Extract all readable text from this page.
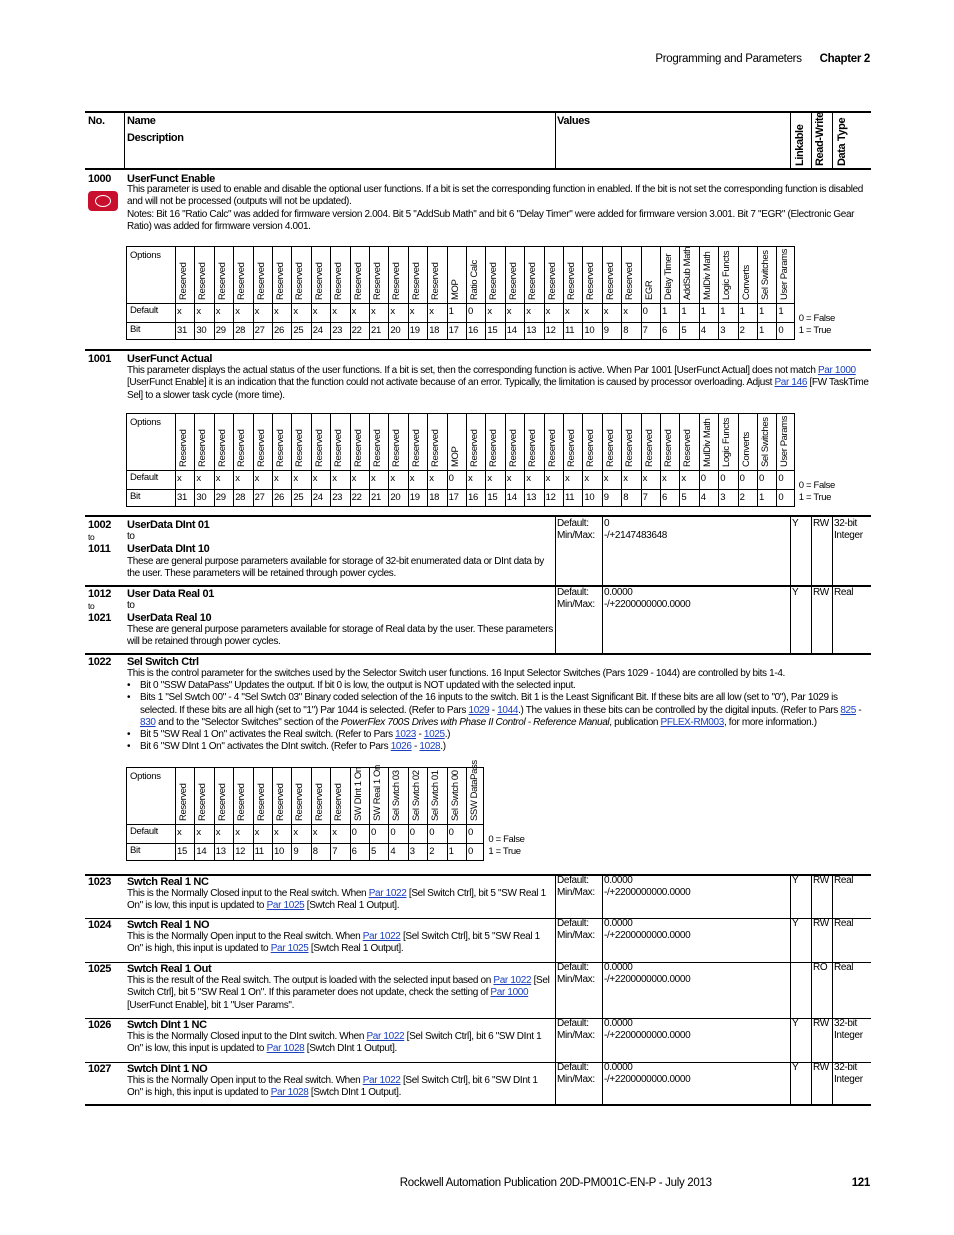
Programming and Parameters Chapter 2
No. Name
Description
Values
Linkable Read-Write Data Type
1000 UserFunct Enable
This parameter is used to enable and disable the optional user functions. If a bit is set the corresponding function in enabled. If the bit is not set the corresponding function is disabled and will not be processed (outputs will not be updated).
Notes: Bit 16 "Ratio Calc" was added for firmware version 2.004. Bit 5 "AddSub Math" and bit 6 "Delay Timer" were added for firmware version 3.001. Bit 7 "EGR" (Electronic Gear Ratio) was added for firmware version 4.001.
Options
Default
Bit
Reserved
x
31
Reserved
x
30
Reserved
x
29
Reserved
x
28
Reserved
x
27
Reserved
x
26
Reserved
x
25
Reserved
x
24
Reserved
x
23
Reserved
x
22
Reserved
x
21
Reserved
x
20
Reserved
x
19
Reserved
x
18
MOP
1
17
Ratio Calc
0
16
Reserved
x
15
Reserved
x
14
Reserved
x
13
Reserved
x
12
Reserved
x
11
Reserved
x
10
Reserved
x
9
Reserved
x
8
EGR
0
7
Delay Timer
1
6
AddSub Math
1
5
MulDiv Math
1
4
Logic Functs
1
3
Converts
1
2
Sel Switches
1
1
User Params
1
0
0 = False
1 = True
1001 UserFunct Actual
This parameter displays the actual status of the user functions. If a bit is set, then the corresponding function is active. When Par 1001 [UserFunct Actual] does not match Par 1000 [UserFunct Enable] it is an indication that the function could not activate because of an error. Typically, the limitation is caused by processor overloading. Adjust Par 146 [FW TaskTime Sel] to a slower task cycle (more time).
Options
Default
Bit
Reserved
x
31
Reserved
x
30
Reserved
x
29
Reserved
x
28
Reserved
x
27
Reserved
x
26
Reserved
x
25
Reserved
x
24
Reserved
x
23
Reserved
x
22
Reserved
x
21
Reserved
x
20
Reserved
x
19
Reserved
x
18
MOP
0
17
Reserved
x
16
Reserved
x
15
Reserved
x
14
Reserved
x
13
Reserved
x
12
Reserved
x
11
Reserved
x
10
Reserved
x
9
Reserved
x
8
Reserved
x
7
Reserved
x
6
Reserved
x
5
MulDiv Math
0
4
Logic Functs
0
3
Converts
0
2
Sel Switches
0
1
User Params
0
0
0 = False
1 = True
1002
to
1011
UserData DInt 01
to
UserData DInt 10
These are general purpose parameters available for storage of 32-bit enumerated data or DInt data by the user. These parameters will be retained through power cycles.
Default:
Min/Max:
0
-/+2147483648
Y RW 32-bit
Integer
1012
to
1021
User Data Real 01
to
UserData Real 10
These are general purpose parameters available for storage of Real data by the user. These parameters will be retained through power cycles.
Default:
Min/Max:
0.0000
-/+2200000000.0000
Y RW Real
1022 Sel Switch Ctrl
This is the control parameter for the switches used by the Selector Switch user functions. 16 Input Selector Switches (Pars 1029 - 1044) are controlled by bits 1-4.
• Bit 0 "SSW DataPass" Updates the output. If bit 0 is low, the output is NOT updated with the selected input.
• Bits 1 "Sel Swtch 00" - 4 "Sel Swtch 03" Binary coded selection of the 16 inputs to the switch. Bit 1 is the Least Significant Bit. If these bits are all low (set to "0"), Par 1029 is selected. If these bits are all high (set to "1") Par 1044 is selected. (Refer to Pars 1029 - 1044.) The values in these bits can be controlled by the digital inputs. (Refer to Pars 825 - 830 and to the "Selector Switches" section of the PowerFlex 700S Drives with Phase II Control - Reference Manual, publication PFLEX-RM003, for more information.)
• Bit 5 "SW Real 1 On" activates the Real switch. (Refer to Pars 1023 - 1025.)
• Bit 6 "SW DInt 1 On" activates the DInt switch. (Refer to Pars 1026 - 1028.)
Options
Default
Bit
Reserved
x
15
Reserved
x
14
Reserved
x
13
Reserved
x
12
Reserved
x
11
Reserved
x
10
Reserved
x
9
Reserved
x
8
Reserved
x
7
SW DInt 1 On
0
6
SW Real 1 On
0
5
Sel Swtch 03
0
4
Sel Swtch 02
0
3
Sel Swtch 01
0
2
Sel Swtch 00
0
1
SSW DataPass
0
0
0 = False
1 = True
1023 Swtch Real 1 NC
This is the Normally Closed input to the Real switch. When Par 1022 [Sel Switch Ctrl], bit 5 "SW Real 1 On" is low, this input is updated to Par 1025 [Swtch Real 1 Output].
Default:
Min/Max:
0.0000
-/+2200000000.0000
Y RW Real
1024 Swtch Real 1 NO
This is the Normally Open input to the Real switch. When Par 1022 [Sel Switch Ctrl], bit 5 "SW Real 1 On" is high, this input is updated to Par 1025 [Swtch Real 1 Output].
Default:
Min/Max:
0.0000
-/+2200000000.0000
Y RW Real
1025 Swtch Real 1 Out
This is the result of the Real switch. The output is loaded with the selected input based on Par 1022 [Sel Switch Ctrl], bit 5 "SW Real 1 On". If this parameter does not update, check the setting of Par 1000 [UserFunct Enable], bit 1 "User Params".
Default:
Min/Max:
0.0000
-/+2200000000.0000
RO Real
1026 Swtch DInt 1 NC
This is the Normally Closed input to the DInt switch. When Par 1022 [Sel Switch Ctrl], bit 6 "SW DInt 1 On" is low, this input is updated to Par 1028 [Swtch DInt 1 Output].
Default:
Min/Max:
0.0000
-/+2200000000.0000
Y RW 32-bit
Integer
1027 Swtch DInt 1 NO
This is the Normally Open input to the Real switch. When Par 1022 [Sel Switch Ctrl], bit 6 "SW DInt 1 On" is high, this input is updated to Par 1028 [Swtch DInt 1 Output].
Default:
Min/Max:
0.0000
-/+2200000000.0000
Y RW 32-bit
Integer
Rockwell Automation Publication 20D-PM001C-EN-P - July 2013	121
